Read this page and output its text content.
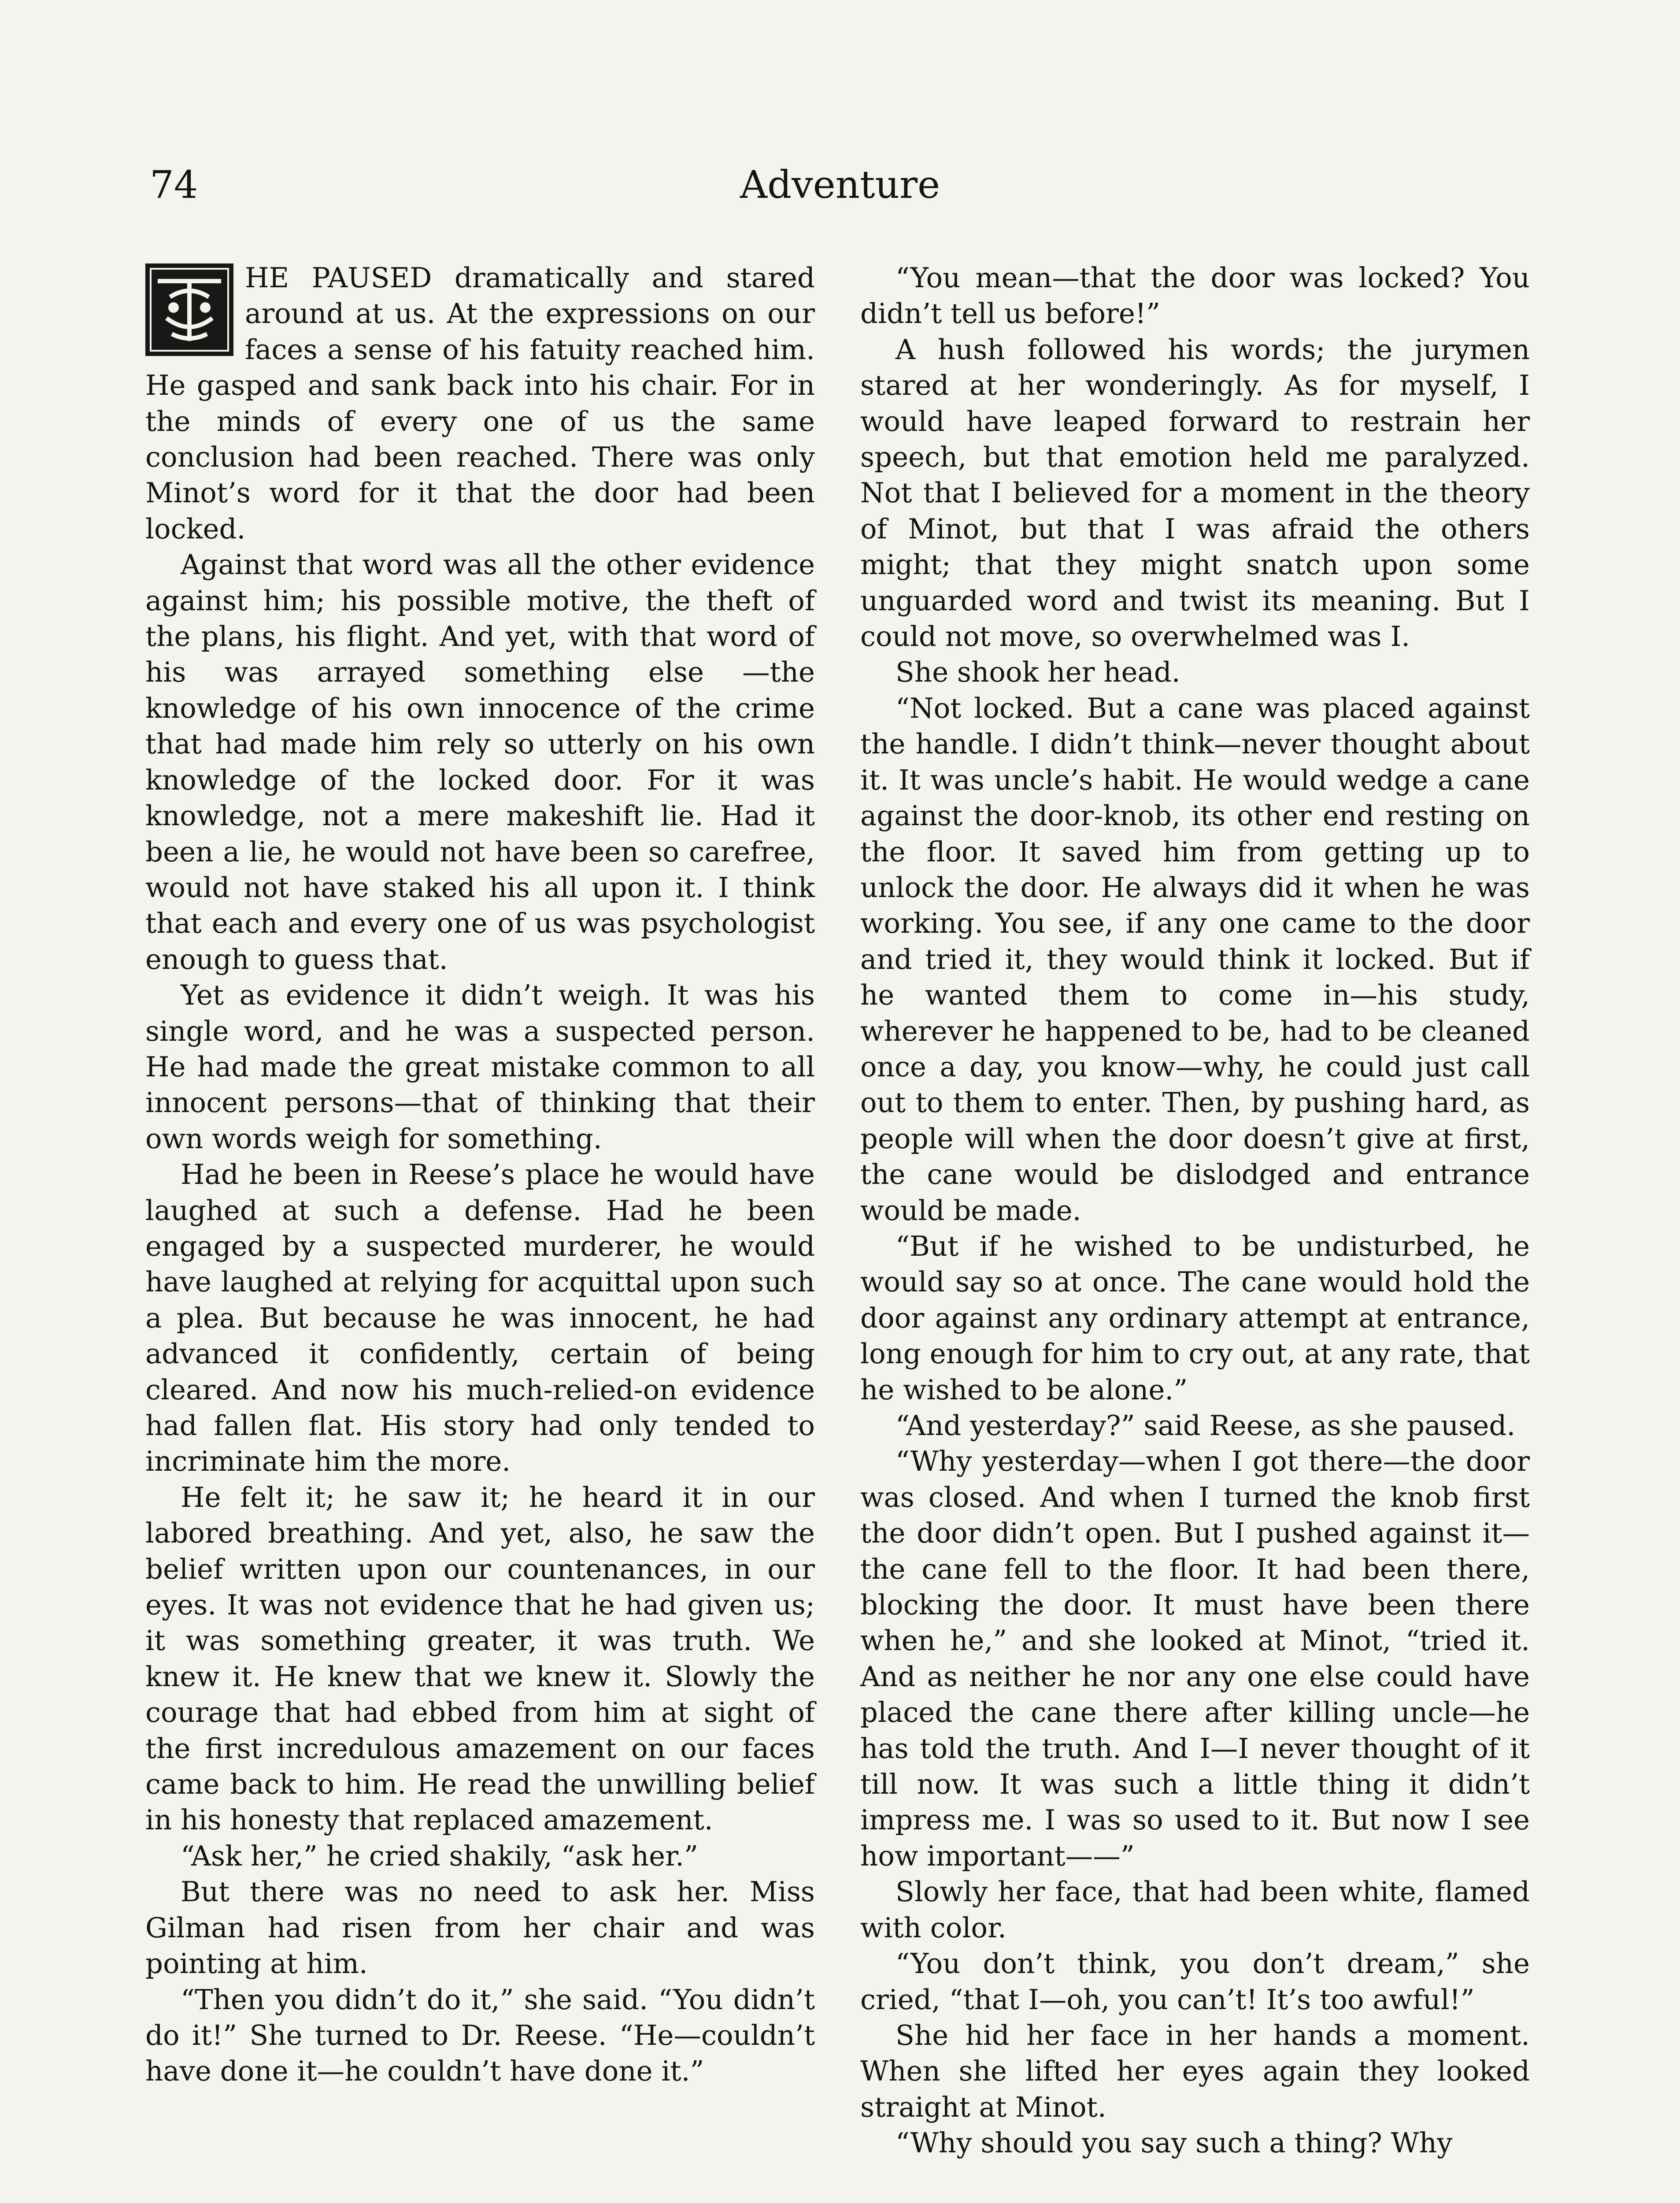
74	Adventure

HE PAUSED dramatically and stared around at us. At the expressions on our faces a sense of his fatuity reached him. He gasped and sank back into his chair. For in the minds of every one of us the same conclusion had been reached. There was only Minot’s word for it that the door had been locked.

Against that word was all the other evidence against him; his possible motive, the theft of the plans, his flight. And yet, with that word of his was arrayed something else —the knowledge of his own innocence of the crime that had made him rely so utterly on his own knowledge of the locked door. For it was knowledge, not a mere makeshift lie. Had it been a lie, he would not have been so carefree, would not have staked his all upon it. I think that each and every one of us was psychologist enough to guess that.

Yet as evidence it didn’t weigh. It was his single word, and he was a suspected person. He had made the great mistake common to all innocent persons—that of thinking that their own words weigh for something.

Had he been in Reese’s place he would have laughed at such a defense. Had he been engaged by a suspected murderer, he would have laughed at relying for acquittal upon such a plea. But because he was innocent, he had advanced it confidently, certain of being cleared. And now his much-relied-on evidence had fallen flat. His story had only tended to incriminate him the more.

He felt it; he saw it; he heard it in our labored breathing. And yet, also, he saw the belief written upon our countenances, in our eyes. It was not evidence that he had given us; it was something greater, it was truth. We knew it. He knew that we knew it. Slowly the courage that had ebbed from him at sight of the first incredulous amazement on our faces came back to him. He read the unwilling belief in his honesty that replaced amazement.

“Ask her,” he cried shakily, “ask her.”

But there was no need to ask her. Miss Gilman had risen from her chair and was pointing at him.

“Then you didn’t do it,” she said. “You didn’t do it!” She turned to Dr. Reese. “He—couldn’t have done it—he couldn’t have done it.”

“You mean—that the door was locked? You didn’t tell us before!”

A hush followed his words; the jurymen stared at her wonderingly. As for myself, I would have leaped forward to restrain her speech, but that emotion held me paralyzed. Not that I believed for a moment in the theory of Minot, but that I was afraid the others might; that they might snatch upon some unguarded word and twist its meaning. But I could not move, so overwhelmed was I.

She shook her head.

“Not locked. But a cane was placed against the handle. I didn’t think—never thought about it. It was uncle’s habit. He would wedge a cane against the door-knob, its other end resting on the floor. It saved him from getting up to unlock the door. He always did it when he was working. You see, if any one came to the door and tried it, they would think it locked. But if he wanted them to come in—his study, wherever he happened to be, had to be cleaned once a day, you know—why, he could just call out to them to enter. Then, by pushing hard, as people will when the door doesn’t give at first, the cane would be dislodged and entrance would be made.

“But if he wished to be undisturbed, he would say so at once. The cane would hold the door against any ordinary attempt at entrance, long enough for him to cry out, at any rate, that he wished to be alone.”

“And yesterday?” said Reese, as she paused.

“Why yesterday—when I got there—the door was closed. And when I turned the knob first the door didn’t open. But I pushed against it—the cane fell to the floor. It had been there, blocking the door. It must have been there when he,” and she looked at Minot, “tried it. And as neither he nor any one else could have placed the cane there after killing uncle—he has told the truth. And I—I never thought of it till now. It was such a little thing it didn’t impress me. I was so used to it. But now I see how important——”

Slowly her face, that had been white, flamed with color.

“You don’t think, you don’t dream,” she cried, “that I—oh, you can’t! It’s too awful!”

She hid her face in her hands a moment. When she lifted her eyes again they looked straight at Minot.

“Why should you say such a thing? Why
